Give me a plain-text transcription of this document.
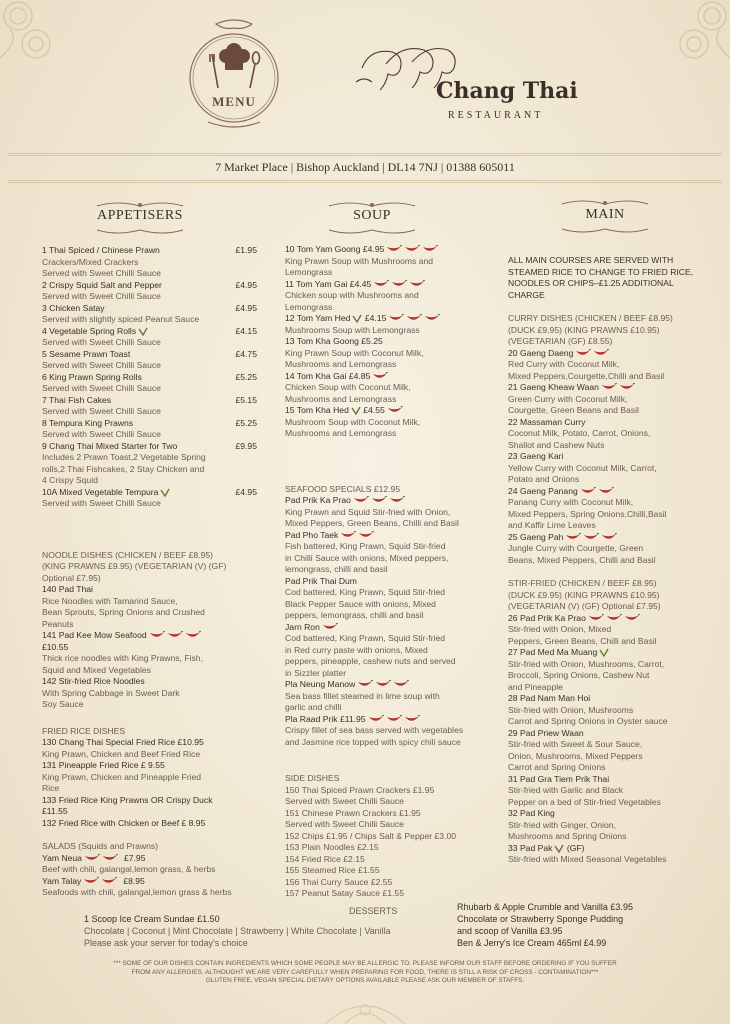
MENU	Chang Thai
RESTAURANT
7 Market Place | Bishop Auckland | DL14 7NJ | 01388 605011
APPETISERS	SOUP	MAIN
1 Thai Spiced / Chinese Prawn	£1.95
Crackers/Mixed Crackers
Served with Sweet Chilli Sauce
2 Crispy Squid Salt and Pepper	£4.95
Served with Sweet Chilli Sauce
3 Chicken Satay	£4.95
Served with slightly spiced Peanut Sauce
4 Vegetable Spring Rolls	£4.15
Served with Sweet Chilli Sauce
5 Sesame Prawn Toast	£4.75
Served with Sweet Chilli Sauce
6 King Prawn Spring Rolls	£5.25
Served with Sweet Chilli Sauce
7 Thai Fish Cakes	£5.15
Served with Sweet Chilli Sauce
8 Tempura King Prawns	£5.25
Served with Sweet Chilli Sauce
9 Chang Thai Mixed Starter for Two	£9.95
Includes 2 Prawn Toast,2 Vegetable Spring
rolls,2 Thai Fishcakes, 2 Stay Chicken and
4 Crispy Squid
10A Mixed Vegetable Tempura	£4.95
Served with Sweet Chilli Sauce
NOODLE DISHES (CHICKEN / BEEF £8.95)
(KING PRAWNS £9.95) (VEGETARIAN (V) (GF)
Optional £7.95)
140 Pad Thai
Rice Noodles with Tamarind Sauce,
Bean Sprouts, Spring Onions and Crushed
Peanuts
141 Pad Kee Mow Seafood
£10.55
Thick rice noodles with King Prawns, Fish,
Squid and Mixed Vegetables
142 Stir-fried Rice Noodles
With Spring Cabbage in Sweet Dark
Soy Sauce
FRIED RICE DISHES
130 Chang Thai Special Fried Rice £10.95
King Prawn, Chicken and Beef Fried Rice
131 Pineapple Fried Rice £ 9.55
King Prawn, Chicken and Pineapple Fried
Rice
133 Fried Rice King Prawns OR Crispy Duck
£11.55
132 Fried Rice with Chicken or Beef £ 8.95
SALADS (Squids and Prawns)
Yam Neua	£7.95
Beef with chili, galangal,lemon grass, & herbs
Yam Talay	£8.95
Seafoods with chili, galangal,lemon grass & herbs
10 Tom Yam Goong £4.95
King Prawn Soup with Mushrooms and
Lemongrass
11 Tom Yam Gai £4.45
Chicken soup with Mushrooms and
Lemongrass
12 Tom Yam Hed £4.15
Mushrooms Soup with Lemongrass
13 Tom Kha Goong £5.25
King Prawn Soup with Coconut Milk,
Mushrooms and Lemongrass
14 Tom Kha Gai £4.85
Chicken Soup with Coconut Milk,
Mushrooms and Lemongrass
15 Tom Kha Hed £4.55
Mushroom Soup with Coconut Milk,
Mushrooms and Lemongrass
SEAFOOD SPECIALS £12.95
Pad Prik Ka Prao
King Prawn and Squid Stir-fried with Onion,
Mixed Peppers, Green Beans, Chilli and Basil
Pad Pho Taek
Fish battered, King Prawn, Squid Stir-fried
in Chilli Sauce with onions, Mixed peppers,
lemongrass, chilli and basil
Pad Prik Thai Dum
Cod battered, King Prawn, Squid Stir-fried
Black Pepper Sauce with onions, Mixed
peppers, lemongrass, chilli and basil
Jarn Ron
Cod battered, King Prawn, Squid Stir-fried
in Red curry paste with onions, Mixed
peppers, pineapple, cashew nuts and served
in Sizzler platter
Pla Neung Manow
Sea bass fillet steamed in lime soup with
garlic and chilli
Pla Raad Prik £11.95
Crispy fillet of sea bass served with vegetables
and Jasmine rice topped with spicy chili sauce
SIDE DISHES
150 Thai Spiced Prawn Crackers £1.95
Served with Sweet Chilli Sauce
151 Chinese Prawn Crackers £1.95
Served with Sweet Chilli Sauce
152 Chips £1.95 / Chips Salt & Pepper £3.00
153 Plain Noodles £2.15
154 Fried Rice £2.15
155 Steamed Rice £1.55
156 Thai Curry Sauce £2.55
157 Peanut Satay Sauce £1.55
ALL MAIN COURSES ARE SERVED WITH
STEAMED RICE TO CHANGE TO FRIED RICE,
NOODLES OR CHIPS–£1.25 ADDITIONAL CHARGE
CURRY DISHES (CHICKEN / BEEF £8.95)
(DUCK £9.95) (KING PRAWNS £10.95)
(VEGETARIAN (GF) £8.55)
20 Gaeng Daeng
Red Curry with Coconut Milk,
Mixed Peppers,Courgette,Chilli and Basil
21 Gaeng Kheaw Waan
Green Curry with Coconut Milk,
Courgette, Green Beans and Basil
22 Massaman Curry
Coconut Milk, Potato, Carrot, Onions,
Shallot and Cashew Nuts
23 Gaeng Kari
Yellow Curry with Coconut Milk, Carrot,
Potato and Onions
24 Gaeng Panang
Panang Curry with Coconut Milk,
Mixed Peppers, Spring Onions,Chilli,Basil
and Kaffir Lime Leaves
25 Gaeng Pah
Jungle Curry with Courgette, Green
Beans, Mixed Peppers, Chilli and Basil
STIR-FRIED (CHICKEN / BEEF £8.95)
(DUCK £9.95) (KING PRAWNS £10.95)
(VEGETARIAN (V) (GF) Optional £7.95)
26 Pad Prik Ka Prao
Stir-fried with Onion, Mixed
Peppers, Green Beans, Chilli and Basil
27 Pad Med Ma Muang
Stir-fried with Onion, Mushrooms, Carrot,
Broccoli, Spring Onions, Cashew Nut
and Pineapple
28 Pad Nam Man Hoi
Stir-fried with Onion, Mushrooms
Carrot and Spring Onions in Oyster sauce
29 Pad Priew Waan
Stir-fried with Sweet & Sour Sauce,
Onion, Mushrooms, Mixed Peppers
Carrot and Spring Onions
31 Pad Gra Tiem Prik Thai
Stir-fried with Garlic and Black
Pepper on a bed of Stir-fried Vegetables
32 Pad King
Stir-fried with Ginger, Onion,
Mushrooms and Spring Onions
33 Pad Pak (GF)
Stir-fried with Mixed Seasonal Vegetables
DESSERTS
1 Scoop Ice Cream Sundae £1.50
Chocolate | Coconut | Mint Chocolate | Strawberry | White Chocolate | Vanilla
Please ask your server for today's choice
Rhubarb & Apple Crumble and Vanilla £3.95
Chocolate or Strawberry Sponge Pudding
and scoop of Vanilla £3.95
Ben & Jerry's Ice Cream 465ml £4.99
*** SOME OF OUR DISHES CONTAIN INGREDIENTS WHICH SOME PEOPLE MAY BE ALLERGIC TO. PLEASE INFORM OUR STAFF BEFORE ORDERING IF YOU SUFFER
FROM ANY ALLERGIES. ALTHOUGHT WE ARE VERY CAREFULLY WHEN PREPARING FOR FOOD, THERE IS STILL A RISK OF CROSS - CONTAMINATION***
GLUTEN FREE, VEGAN SPECIAL DIETARY OPTIONS AVAILABLE PLEASE ASK OUR MEMBER OF STAFFS.
